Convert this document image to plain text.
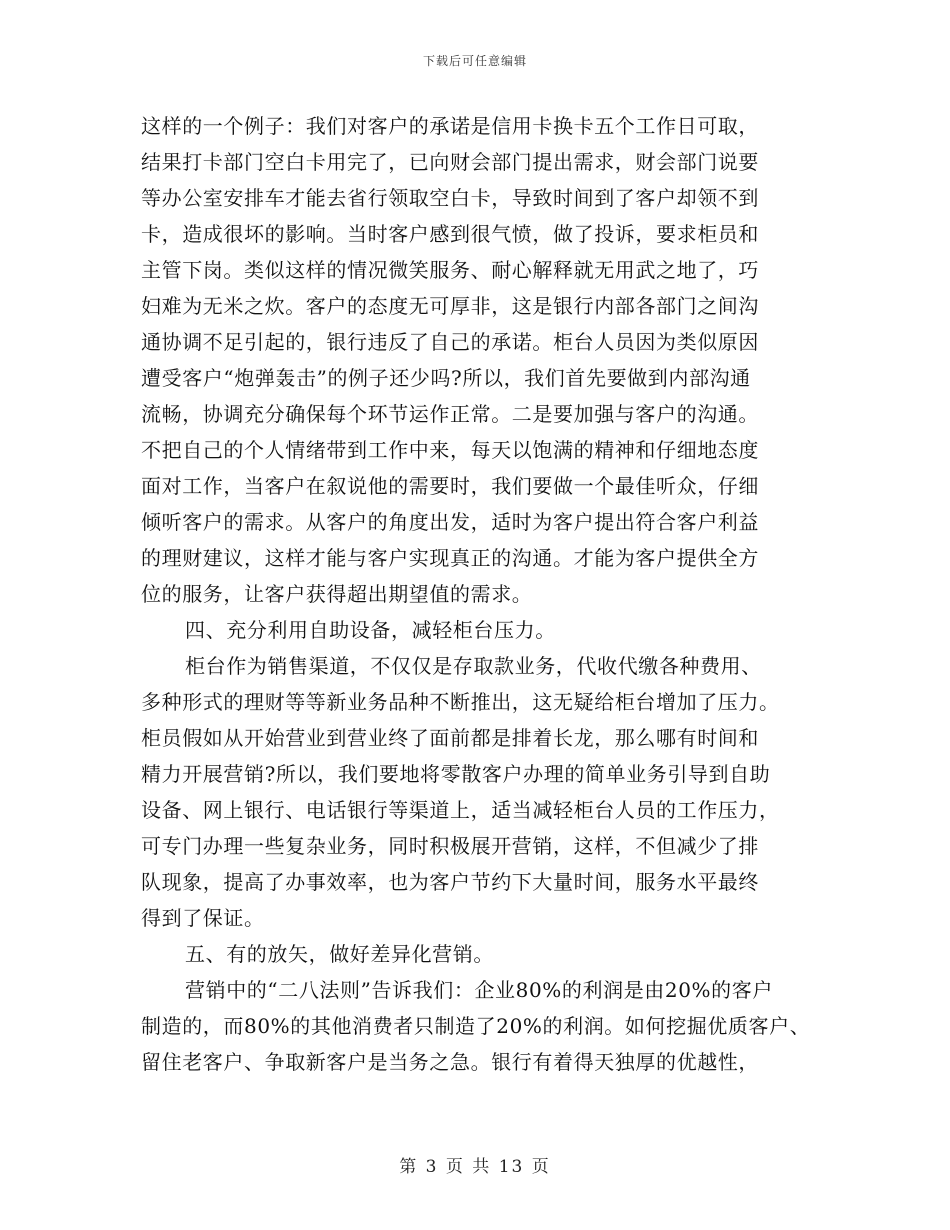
下载后可任意编辑
这样的一个例子：我们对客户的承诺是信用卡换卡五个工作日可取，
结果打卡部门空白卡用完了，已向财会部门提出需求，财会部门说要
等办公室安排车才能去省行领取空白卡，导致时间到了客户却领不到
卡，造成很坏的影响。当时客户感到很气愤，做了投诉，要求柜员和
主管下岗。类似这样的情况微笑服务、耐心解释就无用武之地了，巧
妇难为无米之炊。客户的态度无可厚非，这是银行内部各部门之间沟
通协调不足引起的，银行违反了自己的承诺。柜台人员因为类似原因
遭受客户“炮弹轰击”的例子还少吗?所以，我们首先要做到内部沟通
流畅，协调充分确保每个环节运作正常。二是要加强与客户的沟通。
不把自己的个人情绪带到工作中来，每天以饱满的精神和仔细地态度
面对工作，当客户在叙说他的需要时，我们要做一个最佳听众，仔细
倾听客户的需求。从客户的角度出发，适时为客户提出符合客户利益
的理财建议，这样才能与客户实现真正的沟通。才能为客户提供全方
位的服务，让客户获得超出期望值的需求。
四、充分利用自助设备，减轻柜台压力。
柜台作为销售渠道，不仅仅是存取款业务，代收代缴各种费用、
多种形式的理财等等新业务品种不断推出，这无疑给柜台增加了压力。
柜员假如从开始营业到营业终了面前都是排着长龙，那么哪有时间和
精力开展营销?所以，我们要地将零散客户办理的简单业务引导到自助
设备、网上银行、电话银行等渠道上，适当减轻柜台人员的工作压力，
可专门办理一些复杂业务，同时积极展开营销，这样，不但减少了排
队现象，提高了办事效率，也为客户节约下大量时间，服务水平最终
得到了保证。
五、有的放矢，做好差异化营销。
营销中的“二八法则”告诉我们：企业80%的利润是由20%的客户
制造的，而80%的其他消费者只制造了20%的利润。如何挖掘优质客户、
留住老客户、争取新客户是当务之急。银行有着得天独厚的优越性，
第 3 页 共 13 页
